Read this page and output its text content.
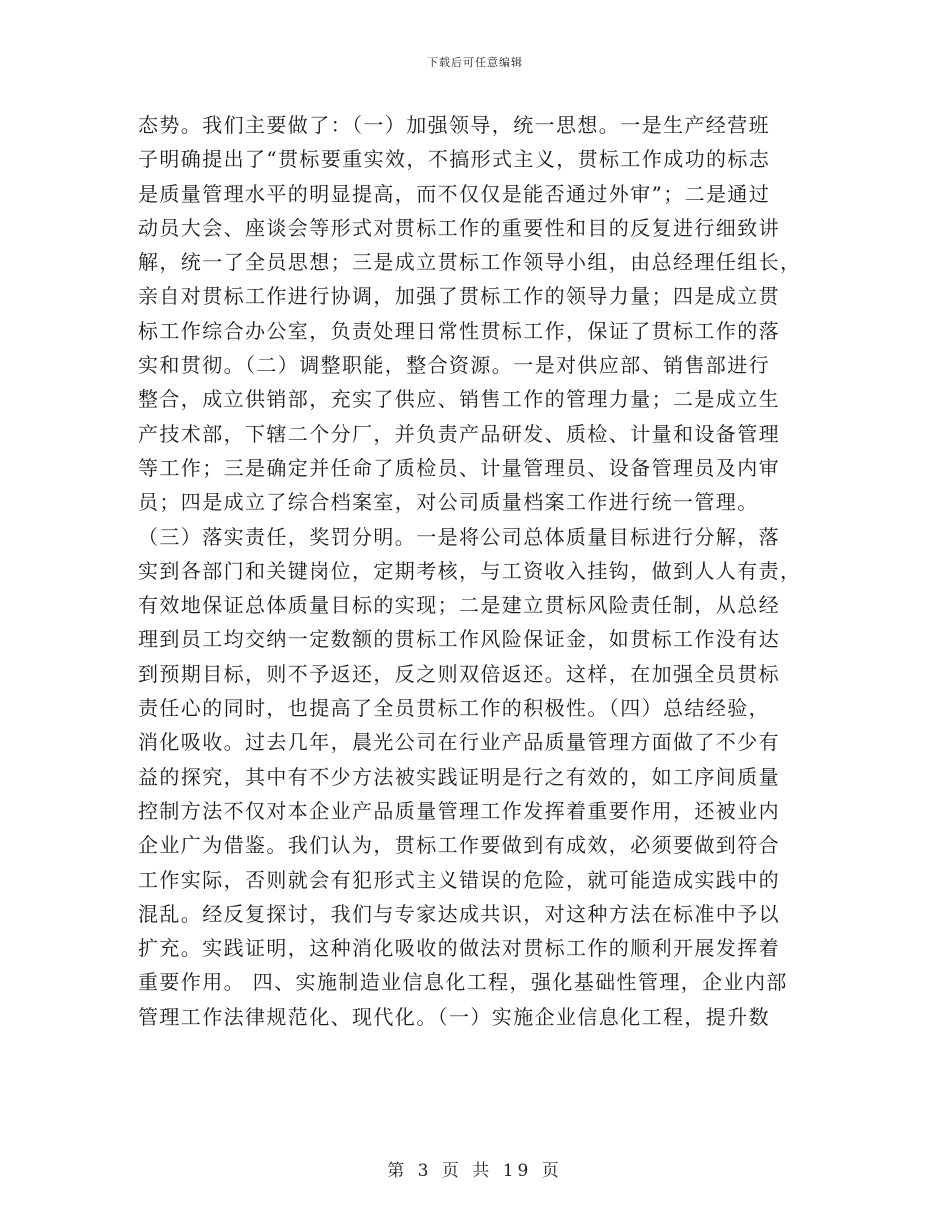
下载后可任意编辑
态势。我们主要做了：（一）加强领导，统一思想。一是生产经营班
子明确提出了“贯标要重实效，不搞形式主义，贯标工作成功的标志
是质量管理水平的明显提高，而不仅仅是能否通过外审”；二是通过
动员大会、座谈会等形式对贯标工作的重要性和目的反复进行细致讲
解，统一了全员思想；三是成立贯标工作领导小组，由总经理任组长，
亲自对贯标工作进行协调，加强了贯标工作的领导力量；四是成立贯
标工作综合办公室，负责处理日常性贯标工作，保证了贯标工作的落
实和贯彻。（二）调整职能，整合资源。一是对供应部、销售部进行
整合，成立供销部，充实了供应、销售工作的管理力量；二是成立生
产技术部，下辖二个分厂，并负责产品研发、质检、计量和设备管理
等工作；三是确定并任命了质检员、计量管理员、设备管理员及内审
员；四是成立了综合档案室，对公司质量档案工作进行统一管理。
（三）落实责任，奖罚分明。一是将公司总体质量目标进行分解，落
实到各部门和关键岗位，定期考核，与工资收入挂钩，做到人人有责，
有效地保证总体质量目标的实现；二是建立贯标风险责任制，从总经
理到员工均交纳一定数额的贯标工作风险保证金，如贯标工作没有达
到预期目标，则不予返还，反之则双倍返还。这样，在加强全员贯标
责任心的同时，也提高了全员贯标工作的积极性。（四）总结经验，
消化吸收。过去几年，晨光公司在行业产品质量管理方面做了不少有
益的探究，其中有不少方法被实践证明是行之有效的，如工序间质量
控制方法不仅对本企业产品质量管理工作发挥着重要作用，还被业内
企业广为借鉴。我们认为，贯标工作要做到有成效，必须要做到符合
工作实际，否则就会有犯形式主义错误的危险，就可能造成实践中的
混乱。经反复探讨，我们与专家达成共识，对这种方法在标准中予以
扩充。实践证明，这种消化吸收的做法对贯标工作的顺利开展发挥着
重要作用。 四、实施制造业信息化工程，强化基础性管理，企业内部
管理工作法律规范化、现代化。（一）实施企业信息化工程，提升数
第 3 页 共 19 页
